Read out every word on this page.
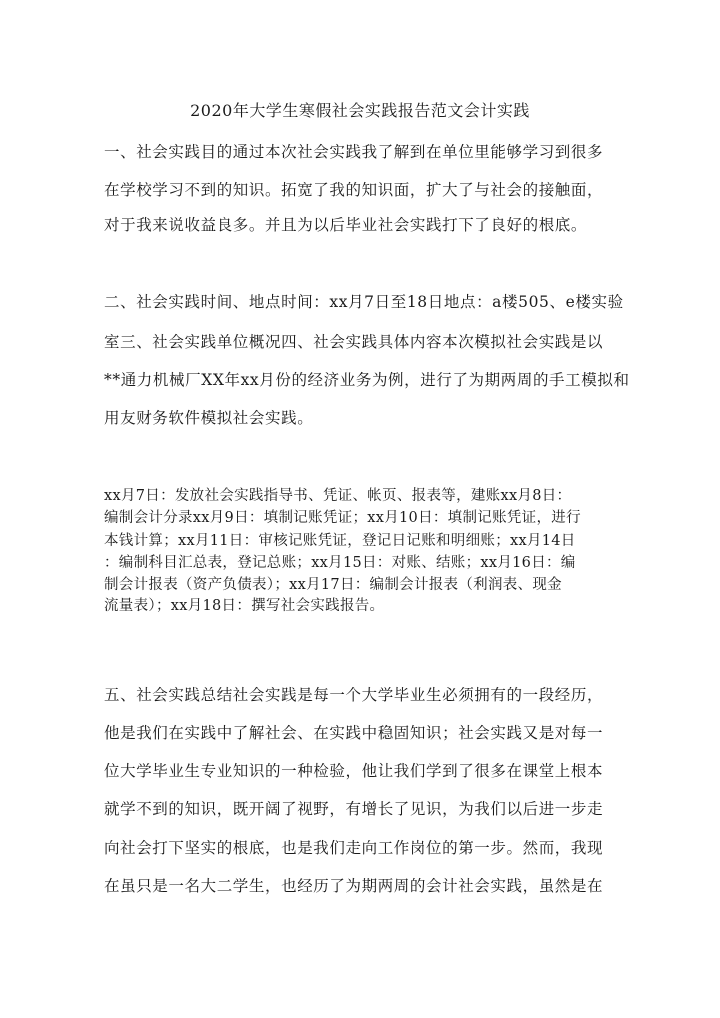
2020年大学生寒假社会实践报告范文会计实践
一、社会实践目的通过本次社会实践我了解到在单位里能够学习到很多
在学校学习不到的知识。拓宽了我的知识面，扩大了与社会的接触面，
对于我来说收益良多。并且为以后毕业社会实践打下了良好的根底。
二、社会实践时间、地点时间：xx月7日至18日地点：a楼505、e楼实验
室三、社会实践单位概况四、社会实践具体内容本次模拟社会实践是以
**通力机械厂XX年xx月份的经济业务为例，进行了为期两周的手工模拟和
用友财务软件模拟社会实践。
xx月7日：发放社会实践指导书、凭证、帐页、报表等，建账xx月8日：
编制会计分录xx月9日：填制记账凭证；xx月10日：填制记账凭证，进行
本钱计算；xx月11日：审核记账凭证，登记日记账和明细账；xx月14日
：编制科目汇总表，登记总账；xx月15日：对账、结账；xx月16日：编
制会计报表（资产负债表）；xx月17日：编制会计报表（利润表、现金
流量表）；xx月18日：撰写社会实践报告。
五、社会实践总结社会实践是每一个大学毕业生必须拥有的一段经历，
他是我们在实践中了解社会、在实践中稳固知识；社会实践又是对每一
位大学毕业生专业知识的一种检验，他让我们学到了很多在课堂上根本
就学不到的知识，既开阔了视野，有增长了见识，为我们以后进一步走
向社会打下坚实的根底，也是我们走向工作岗位的第一步。然而，我现
在虽只是一名大二学生，也经历了为期两周的会计社会实践，虽然是在
